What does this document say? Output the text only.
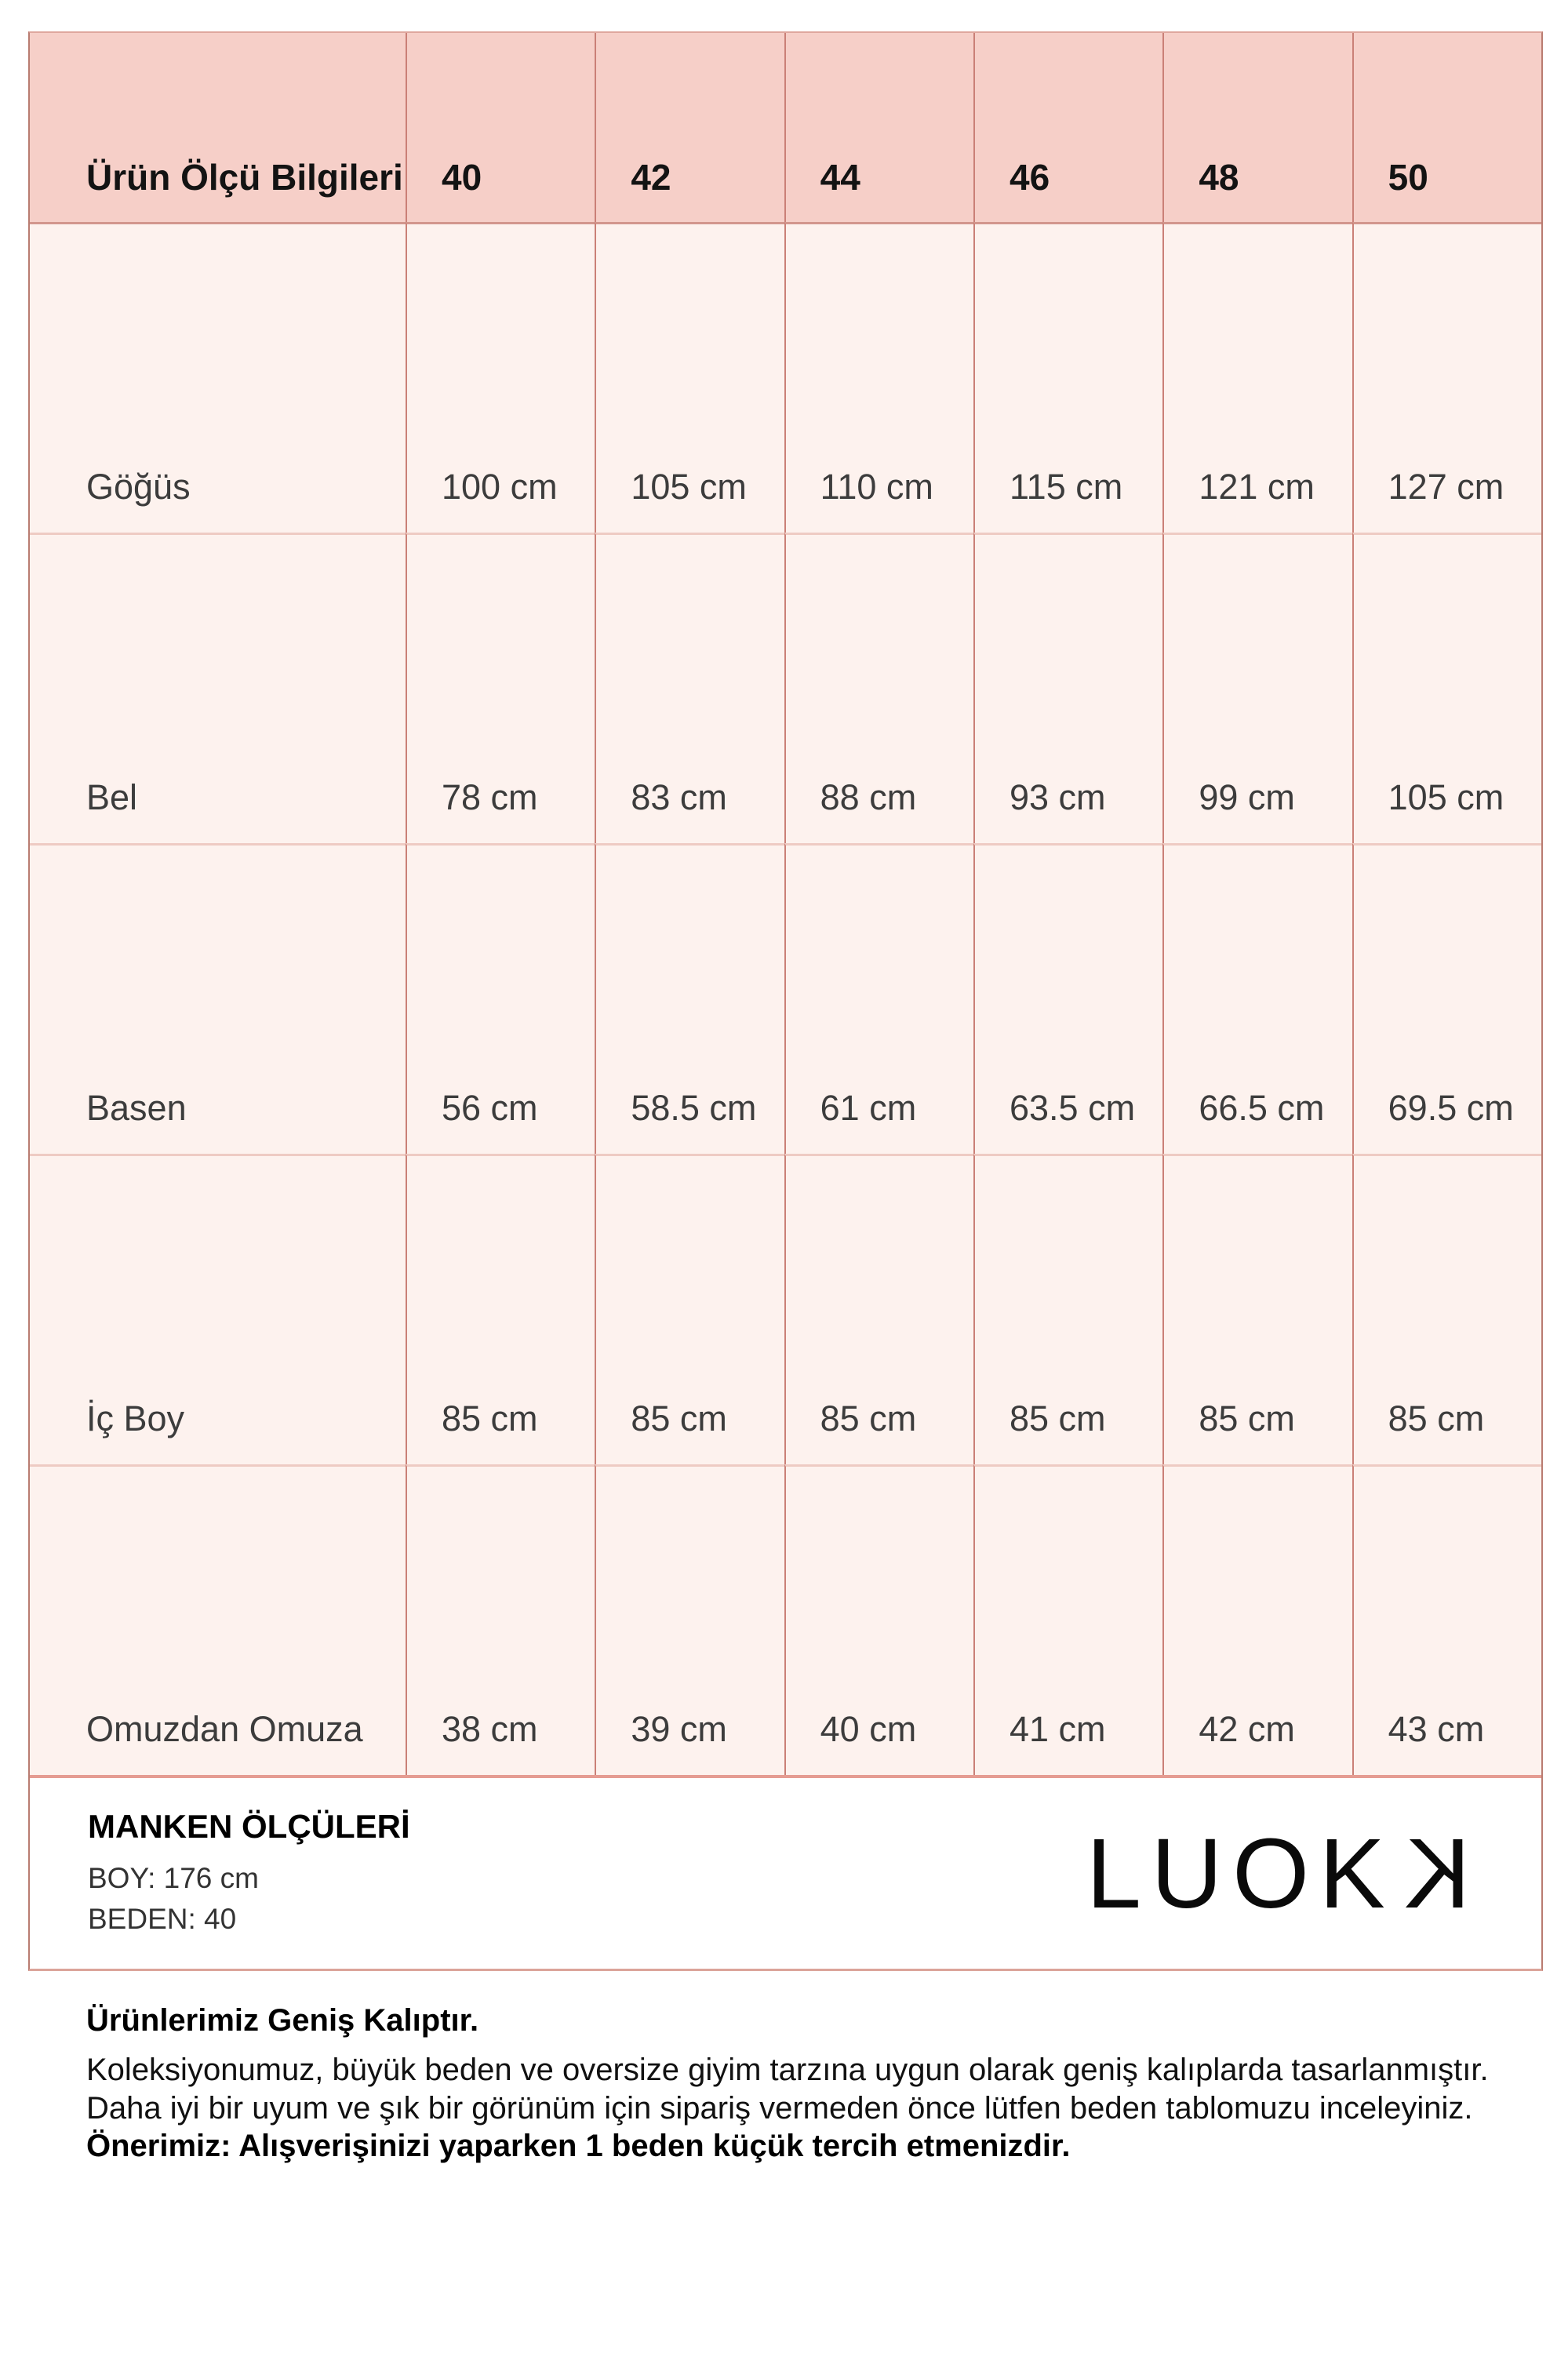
Ürün Ölçü Bilgileri	40	42	44	46	48	50
Göğüs	100 cm	105 cm	110 cm	115 cm	121 cm	127 cm
Bel	78 cm	83 cm	88 cm	93 cm	99 cm	105 cm
Basen	56 cm	58.5 cm	61 cm	63.5 cm	66.5 cm	69.5 cm
İç Boy	85 cm	85 cm	85 cm	85 cm	85 cm	85 cm
Omuzdan Omuza	38 cm	39 cm	40 cm	41 cm	42 cm	43 cm
MANKEN ÖLÇÜLERİ
BOY: 176 cm
BEDEN: 40	LUOKK
Ürünlerimiz Geniş Kalıptır.
Koleksiyonumuz, büyük beden ve oversize giyim tarzına uygun olarak geniş kalıplarda tasarlanmıştır.
Daha iyi bir uyum ve şık bir görünüm için sipariş vermeden önce lütfen beden tablomuzu inceleyiniz.
Önerimiz: Alışverişinizi yaparken 1 beden küçük tercih etmenizdir.
